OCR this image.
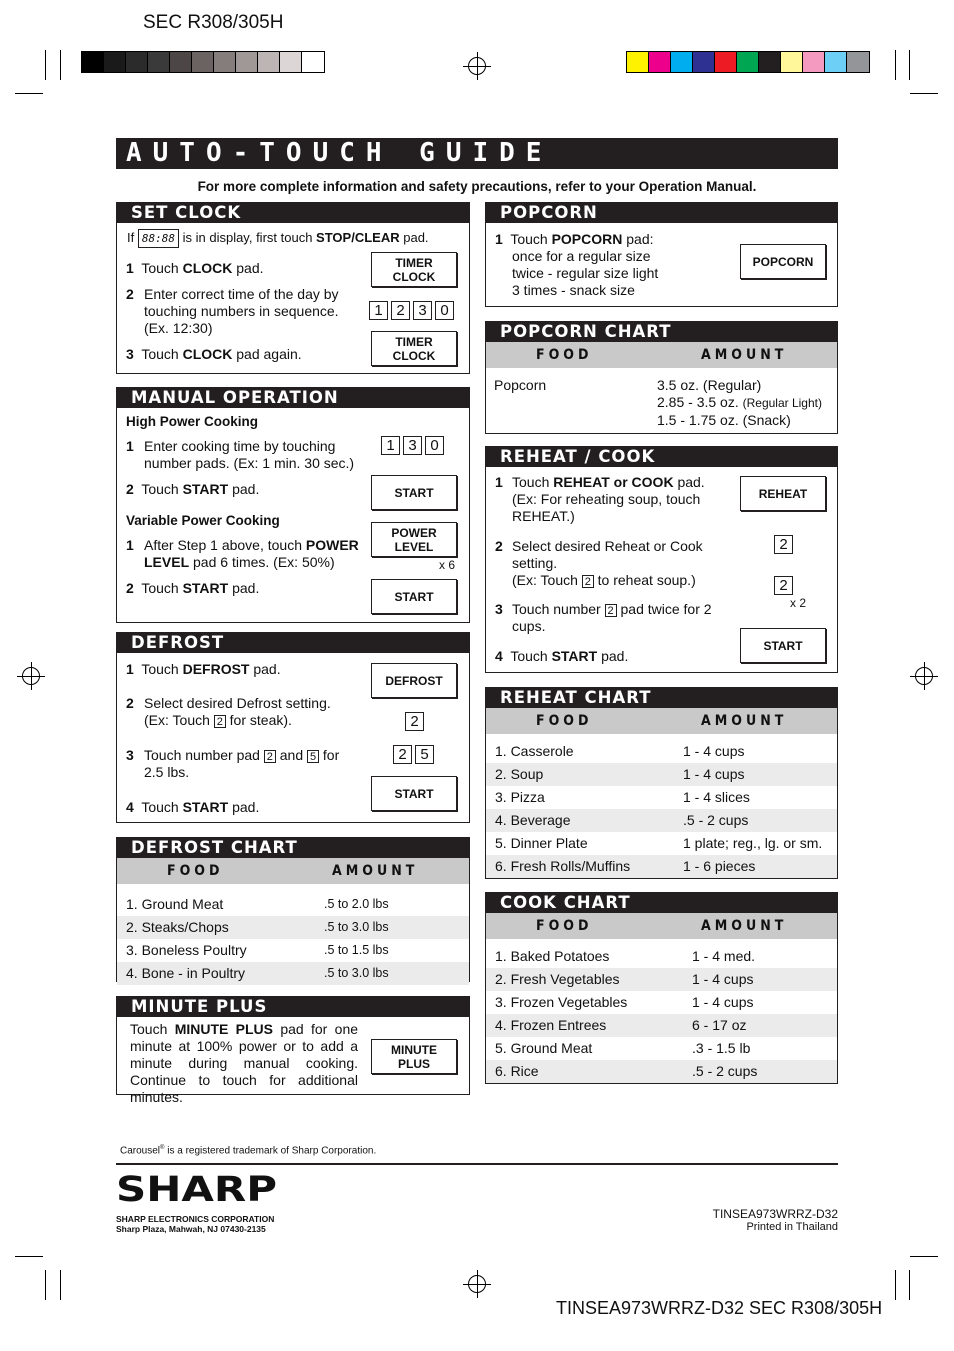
SEC R308/305H
AUTO-TOUCH GUIDE
For more complete information and safety precautions, refer to your Operation Manual.
SET CLOCK
If 88:88 is in display, first touch STOP/CLEAR pad.
1 Touch CLOCK pad.
2 Enter correct time of the day by touching numbers in sequence. (Ex. 12:30)
3 Touch CLOCK pad again.
TIMER
CLOCK
1 2 3 0
TIMER
CLOCK
MANUAL OPERATION
High Power Cooking
1 Enter cooking time by touching number pads. (Ex: 1 min. 30 sec.)
2 Touch START pad.
Variable Power Cooking
1 After Step 1 above, touch POWER LEVEL pad 6 times. (Ex: 50%)
2 Touch START pad.
1 3 0
START
POWER
LEVEL
x 6
START
DEFROST
1 Touch DEFROST pad.
2 Select desired Defrost setting.
(Ex: Touch 2 for steak).
3 Touch number pad 2 and 5 for
2.5 lbs.
4 Touch START pad.
DEFROST
2
2 5
START
DEFROST CHART
FOOD	AMOUNT
1. Ground Meat	.5 to 2.0 lbs
2. Steaks/Chops	.5 to 3.0 lbs
3. Boneless Poultry	.5 to 1.5 lbs
4. Bone - in Poultry	.5 to 3.0 lbs
MINUTE PLUS
Touch MINUTE PLUS pad for one minute at 100% power or to add a minute during manual cooking. Continue to touch for additional minutes.
MINUTE
PLUS
POPCORN
1 Touch POPCORN pad:
once for a regular size
twice - regular size light
3 times - snack size
POPCORN
POPCORN CHART
FOOD	AMOUNT
Popcorn	3.5 oz. (Regular)
2.85 - 3.5 oz. (Regular Light)
1.5 - 1.75 oz. (Snack)
REHEAT / COOK
1 Touch REHEAT or COOK pad.
(Ex: For reheating soup, touch REHEAT.)
2 Select desired Reheat or Cook setting.
(Ex: Touch 2 to reheat soup.)
3 Touch number 2 pad twice for 2 cups.
4 Touch START pad.
REHEAT
2
2
x 2
START
REHEAT CHART
FOOD	AMOUNT
1. Casserole	1 - 4 cups
2. Soup	1 - 4 cups
3. Pizza	1 - 4 slices
4. Beverage	.5 - 2 cups
5. Dinner Plate	1 plate; reg., lg. or sm.
6. Fresh Rolls/Muffins	1 - 6 pieces
COOK CHART
FOOD	AMOUNT
1. Baked Potatoes	1 - 4 med.
2. Fresh Vegetables	1 - 4 cups
3. Frozen Vegetables	1 - 4 cups
4. Frozen Entrees	6 - 17 oz
5. Ground Meat	.3 - 1.5 lb
6. Rice	.5 - 2 cups
Carousel® is a registered trademark of Sharp Corporation.
SHARP
SHARP ELECTRONICS CORPORATION
Sharp Plaza, Mahwah, NJ 07430-2135
TINSEA973WRRZ-D32
Printed in Thailand
TINSEA973WRRZ-D32 SEC R308/305H
